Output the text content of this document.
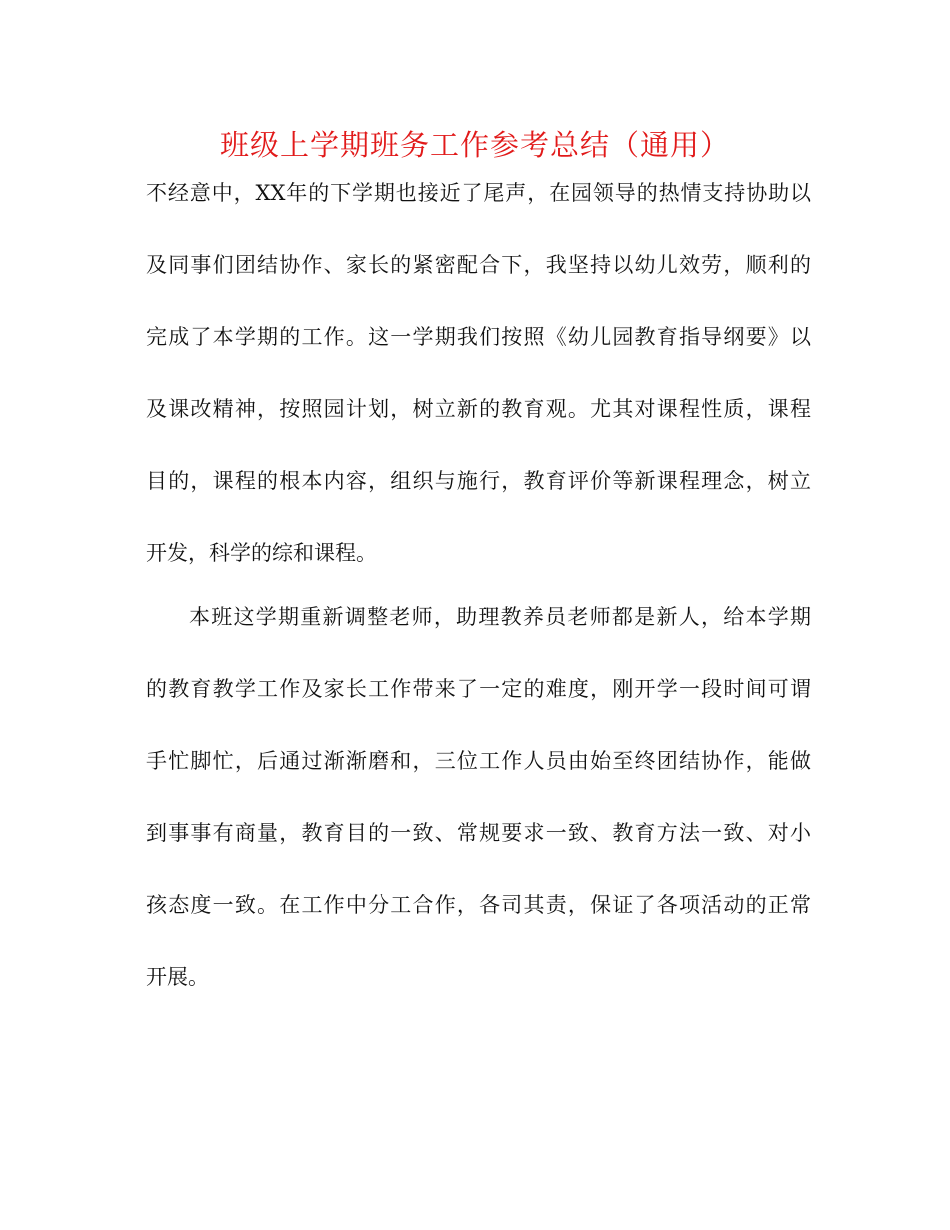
班级上学期班务工作参考总结（通用）
不经意中，XX年的下学期也接近了尾声，在园领导的热情支持协助以
及同事们团结协作、家长的紧密配合下，我坚持以幼儿效劳，顺利的
完成了本学期的工作。这一学期我们按照《幼儿园教育指导纲要》以
及课改精神，按照园计划，树立新的教育观。尤其对课程性质，课程
目的，课程的根本内容，组织与施行，教育评价等新课程理念，树立
开发，科学的综和课程。
本班这学期重新调整老师，助理教养员老师都是新人，给本学期
的教育教学工作及家长工作带来了一定的难度，刚开学一段时间可谓
手忙脚忙，后通过渐渐磨和，三位工作人员由始至终团结协作，能做
到事事有商量，教育目的一致、常规要求一致、教育方法一致、对小
孩态度一致。在工作中分工合作，各司其责，保证了各项活动的正常
开展。
